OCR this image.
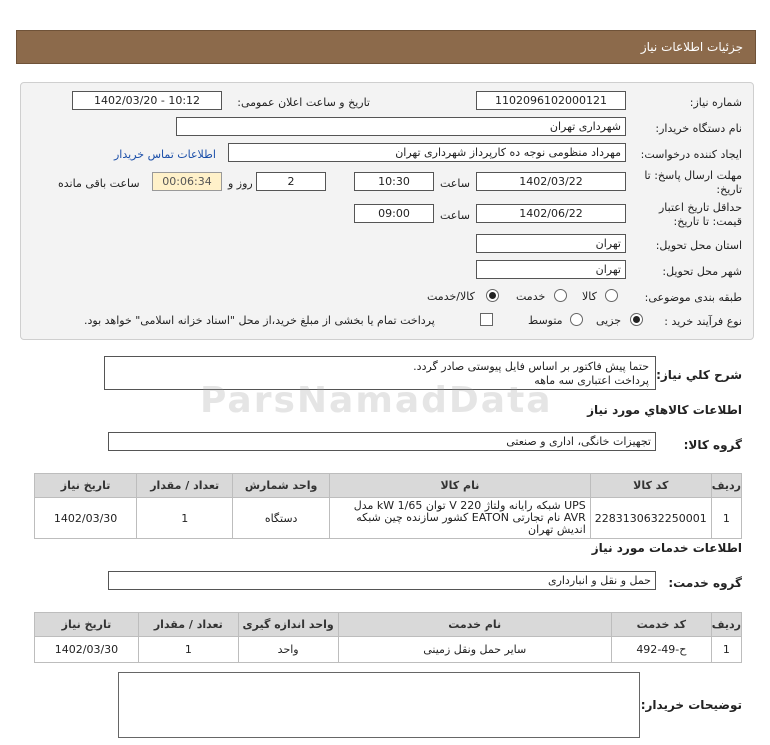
جزئیات اطلاعات نیاز
شماره نیاز:
1102096102000121
تاریخ و ساعت اعلان عمومی:
1402/03/20 - 10:12
نام دستگاه خریدار:
شهرداری تهران
ایجاد کننده درخواست:
مهرداد منظومی نوجه ده کارپرداز شهرداری تهران
اطلاعات تماس خریدار
مهلت ارسال پاسخ: تا
تاریخ:
1402/03/22
ساعت
10:30
2
روز و
00:06:34
ساعت باقی مانده
حداقل تاریخ اعتبار
قیمت: تا تاریخ:
1402/06/22
ساعت
09:00
استان محل تحویل:
تهران
شهر محل تحویل:
تهران
طبقه بندی موضوعی:
کالا
خدمت
کالا/خدمت
نوع فرآیند خرید :
جزیی
متوسط
پرداخت تمام یا بخشی از مبلغ خرید،از محل "اسناد خزانه اسلامی" خواهد بود.
شرح کلي نياز:
حتما پیش فاکتور بر اساس فایل پیوستی صادر گردد.
پرداخت اعتباری سه ماهه
اطلاعات کالاهاي مورد نياز
گروه کالا:
تجهیزات خانگی، اداری و صنعتی
ردیف	کد کالا	نام کالا	واحد شمارش	تعداد / مقدار	تاریخ نیاز
1	2283130632250001	UPS شبکه رایانه ولتاژ 220 V توان 1/65 kW مدل AVR نام تجارتی EATON کشور سازنده چین شبکه اندیش تهران	دستگاه	1	1402/03/30
اطلاعات خدمات مورد نياز
گروه خدمت:
حمل و نقل و انبارداری
ردیف	کد خدمت	نام خدمت	واحد اندازه گیری	تعداد / مقدار	تاریخ نیاز
1	ح-49-492	سایر حمل ونقل زمینی	واحد	1	1402/03/30
توضیحات خریدار:
ParsNamadData
